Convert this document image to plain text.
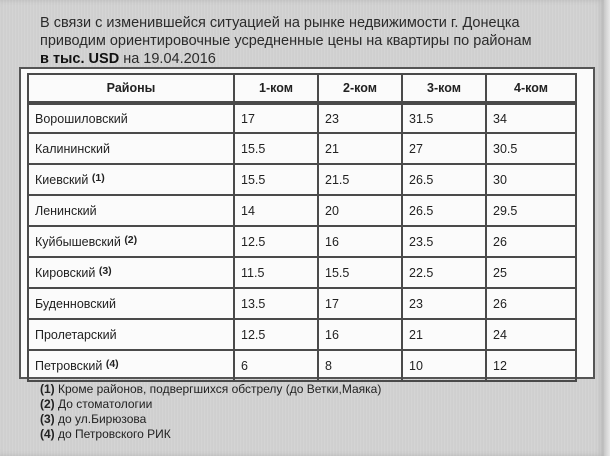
В связи с изменившейся ситуацией на рынке недвижимости г. Донецка
приводим ориентировочные усредненные цены на квартиры по районам
в тыс. USD на 19.04.2016
Районы	1-ком	2-ком	3-ком	4-ком
Ворошиловский	17	23	31.5	34
Калининский	15.5	21	27	30.5
Киевский $^{(1)}$	15.5	21.5	26.5	30
Ленинский	14	20	26.5	29.5
Куйбышевский $^{(2)}$	12.5	16	23.5	26
Кировский $^{(3)}$	11.5	15.5	22.5	25
Буденновский	13.5	17	23	26
Пролетарский	12.5	16	21	24
Петровский $^{(4)}$	6	8	10	12
(1) Кроме районов, подвергшихся обстрелу (до Ветки,Маяка)
(2) До стоматологии
(3) до ул.Бирюзова
(4) до Петровского РИК
